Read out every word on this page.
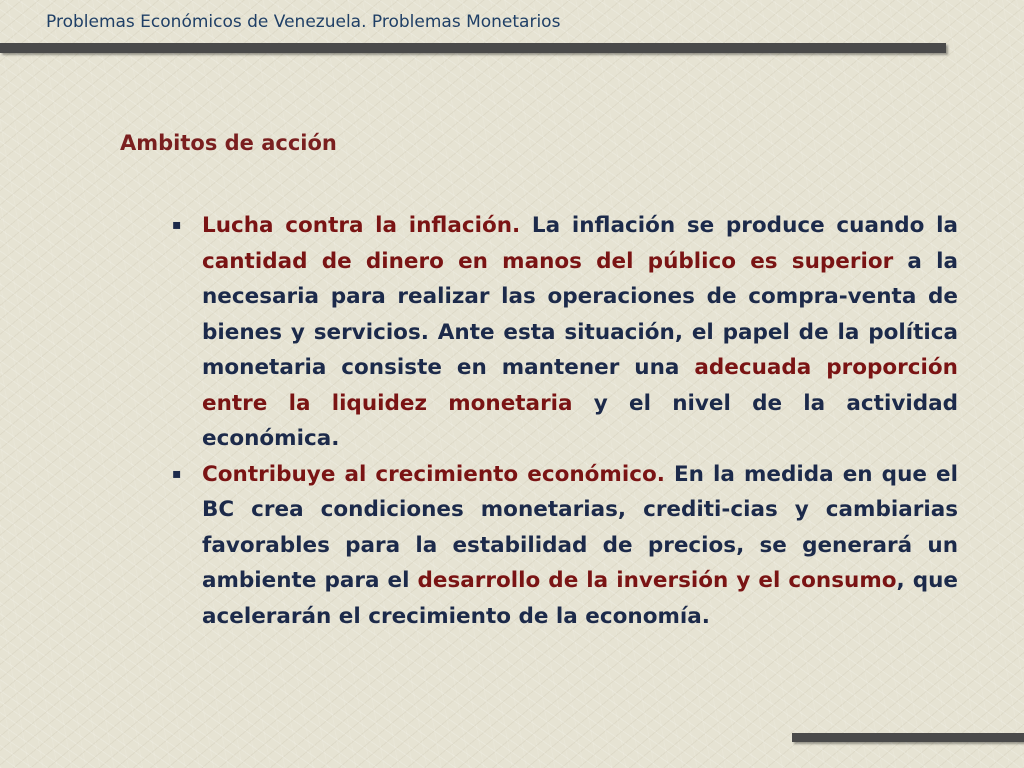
Problemas Económicos de Venezuela. Problemas Monetarios
Ambitos de acción
▪ Lucha contra la inflación. La inflación se produce cuando la cantidad de dinero en manos del público es superior a la necesaria para realizar las operaciones de compra-venta de bienes y servicios. Ante esta situación, el papel de la política monetaria consiste en mantener una adecuada proporción entre la liquidez monetaria y el nivel de la actividad económica.
▪ Contribuye al crecimiento económico. En la medida en que el BC crea condiciones monetarias, crediti-cias y cambiarias favorables para la estabilidad de precios, se generará un ambiente para el desarrollo de la inversión y el consumo, que acelerarán el crecimiento de la economía.
